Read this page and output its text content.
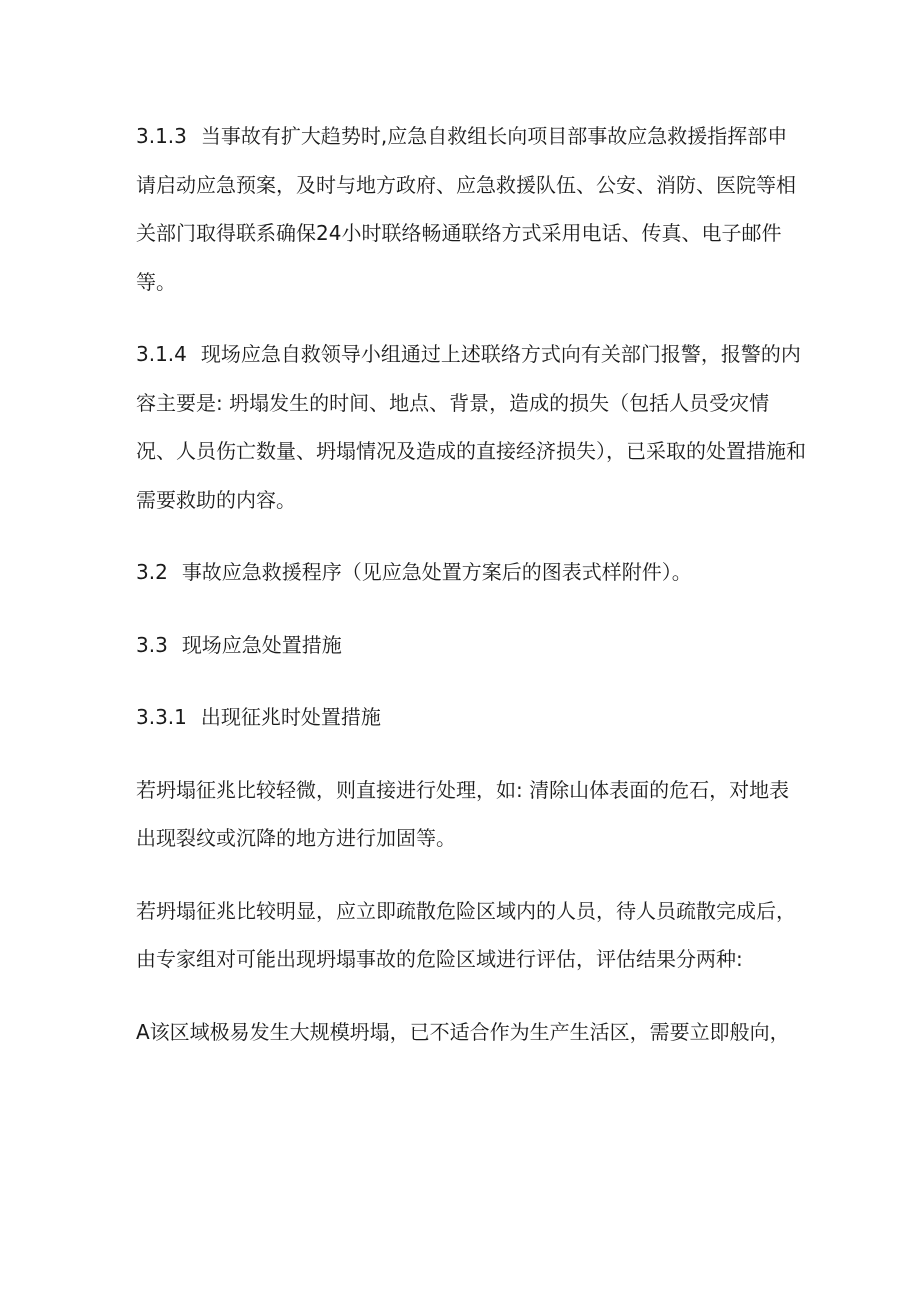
3.1.3 当事故有扩大趋势时,应急自救组长向项目部事故应急救援指挥部申请启动应急预案，及时与地方政府、应急救援队伍、公安、消防、医院等相关部门取得联系确保24小时联络畅通联络方式采用电话、传真、电子邮件等。

3.1.4 现场应急自救领导小组通过上述联络方式向有关部门报警，报警的内容主要是: 坍塌发生的时间、地点、背景，造成的损失（包括人员受灾情况、人员伤亡数量、坍塌情况及造成的直接经济损失），已采取的处置措施和需要救助的内容。

3.2 事故应急救援程序（见应急处置方案后的图表式样附件）。

3.3 现场应急处置措施

3.3.1 出现征兆时处置措施

若坍塌征兆比较轻微，则直接进行处理，如: 清除山体表面的危石，对地表出现裂纹或沉降的地方进行加固等。

若坍塌征兆比较明显，应立即疏散危险区域内的人员，待人员疏散完成后，由专家组对可能出现坍塌事故的危险区域进行评估，评估结果分两种:

A该区域极易发生大规模坍塌，已不适合作为生产生活区，需要立即般向，
